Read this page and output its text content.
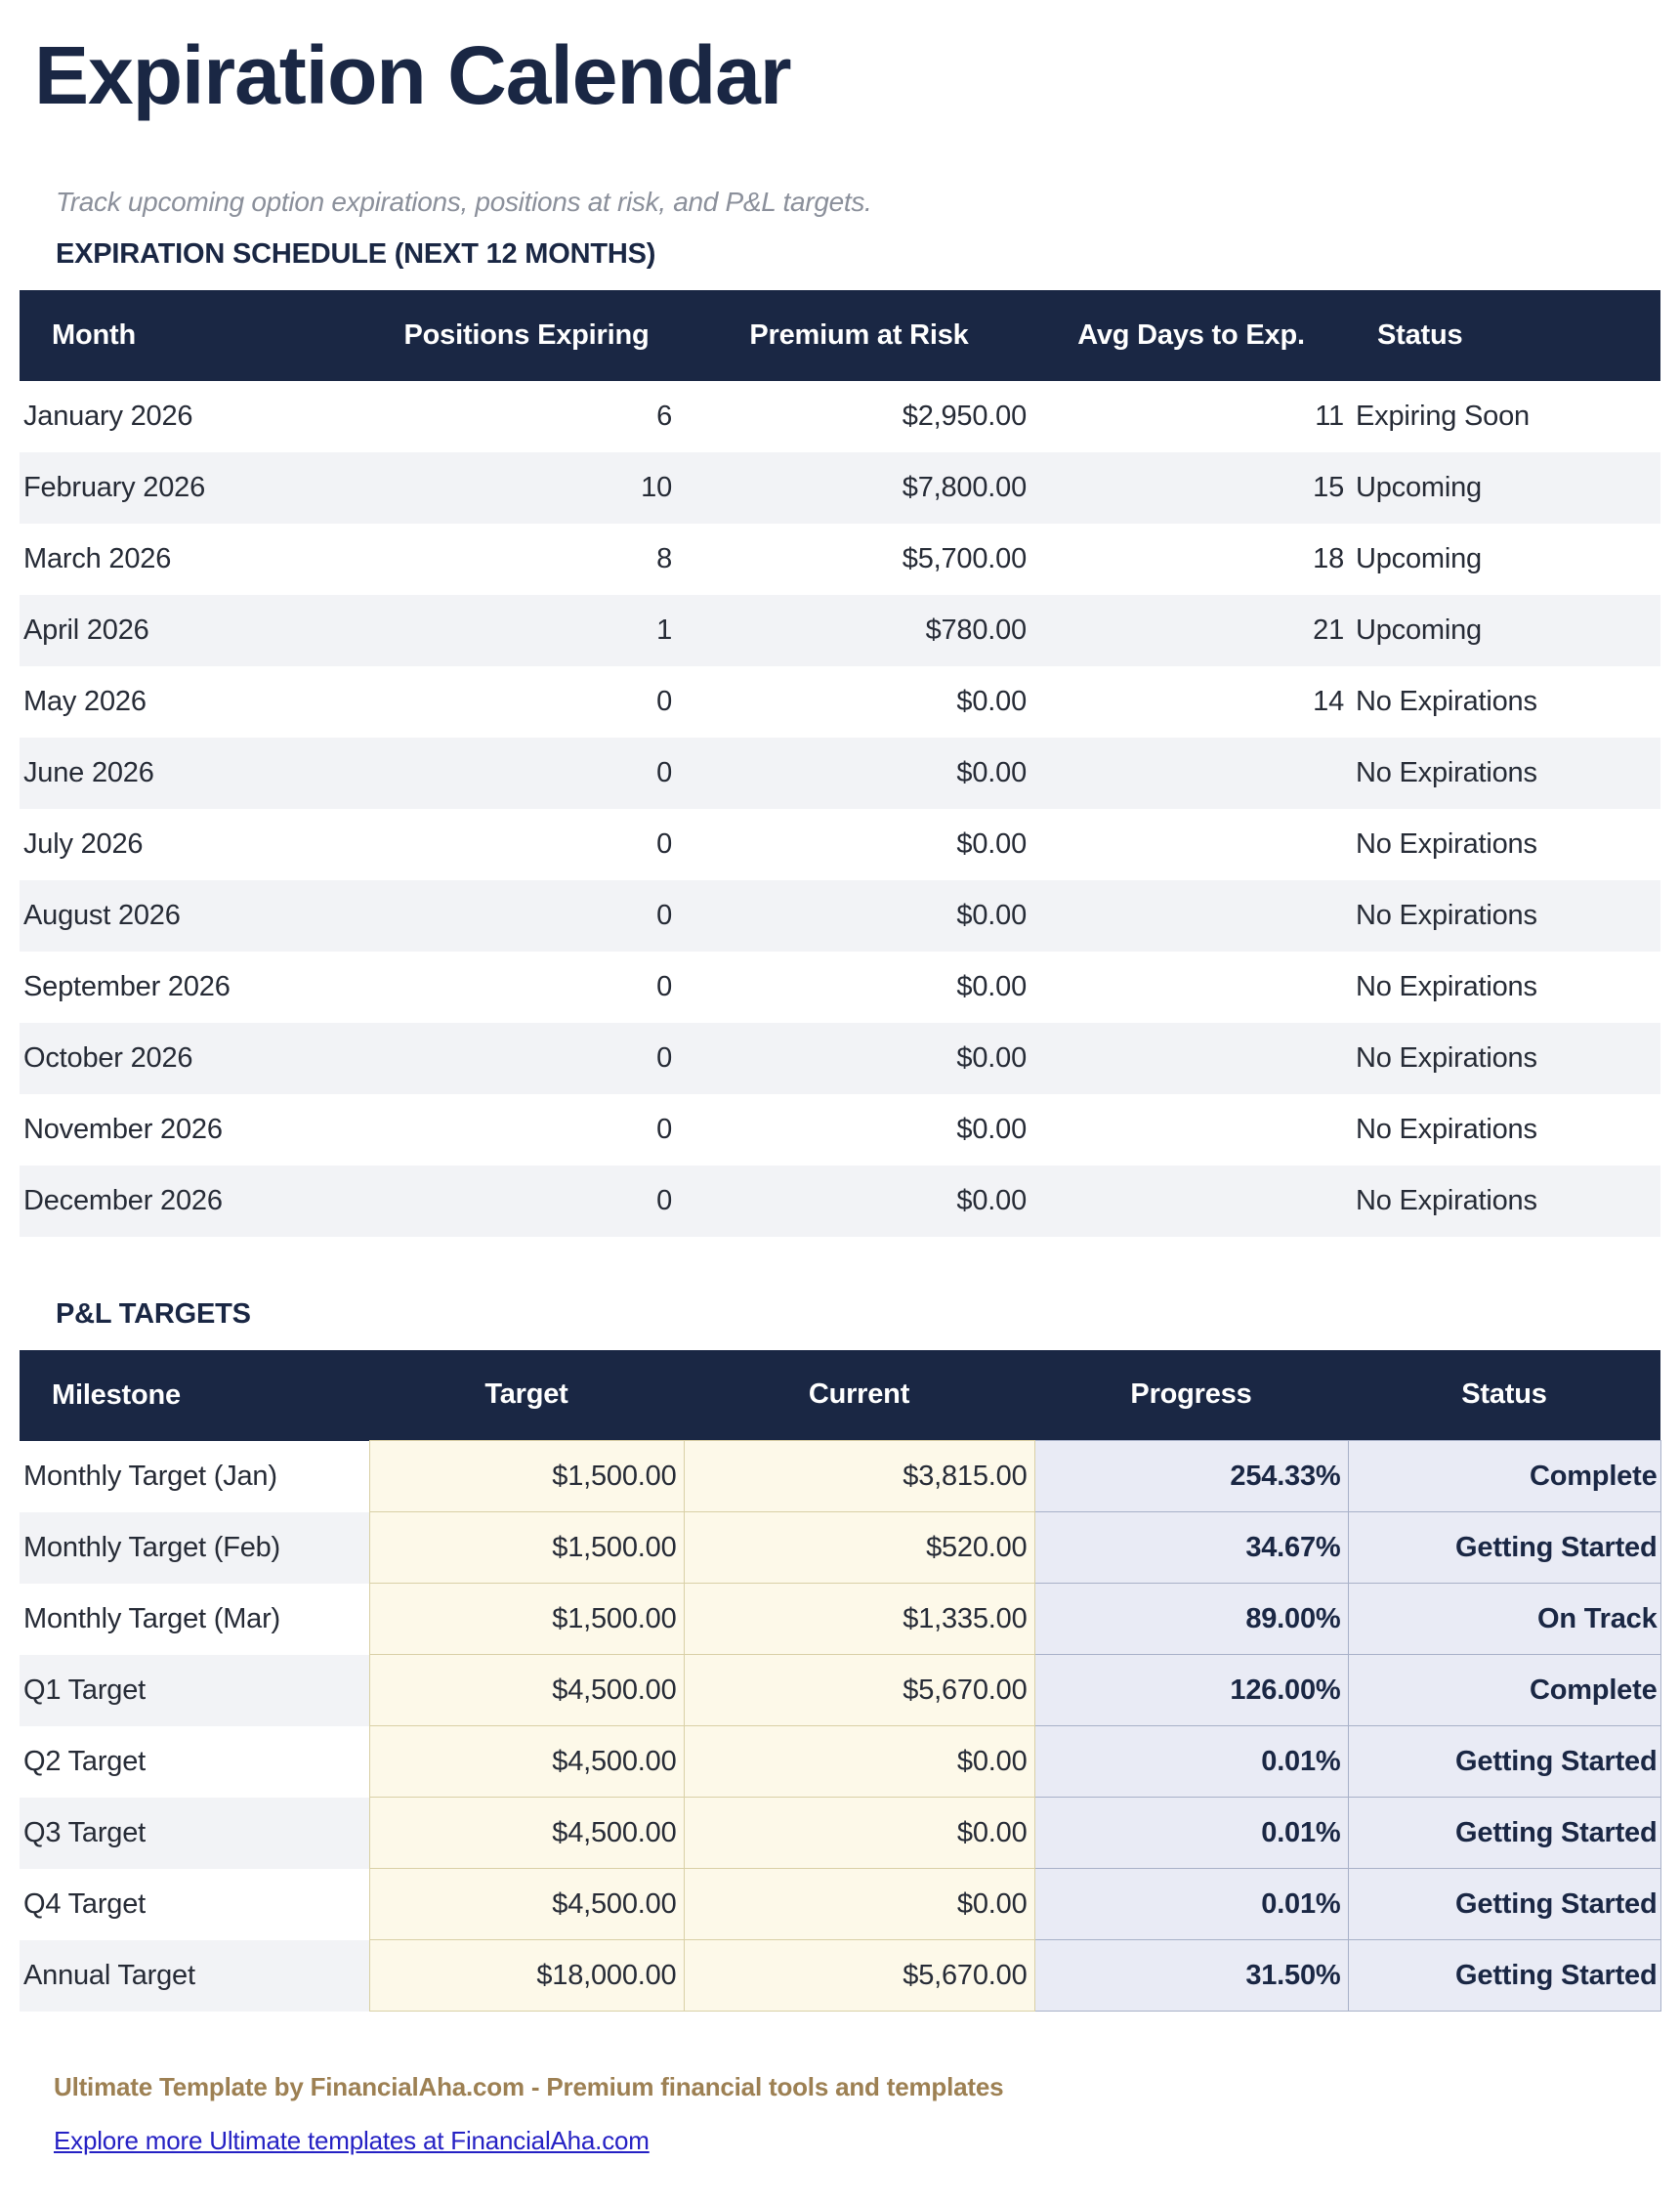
Expiration Calendar

Track upcoming option expirations, positions at risk, and P&L targets.

EXPIRATION SCHEDULE (NEXT 12 MONTHS)
Month	Positions Expiring	Premium at Risk	Avg Days to Exp.	Status
January 2026	6	$2,950.00	11	Expiring Soon
February 2026	10	$7,800.00	15	Upcoming
March 2026	8	$5,700.00	18	Upcoming
April 2026	1	$780.00	21	Upcoming
May 2026	0	$0.00	14	No Expirations
June 2026	0	$0.00		No Expirations
July 2026	0	$0.00		No Expirations
August 2026	0	$0.00		No Expirations
September 2026	0	$0.00		No Expirations
October 2026	0	$0.00		No Expirations
November 2026	0	$0.00		No Expirations
December 2026	0	$0.00		No Expirations
P&L TARGETS
Milestone	Target	Current	Progress	Status
Monthly Target (Jan)	$1,500.00	$3,815.00	254.33%	Complete
Monthly Target (Feb)	$1,500.00	$520.00	34.67%	Getting Started
Monthly Target (Mar)	$1,500.00	$1,335.00	89.00%	On Track
Q1 Target	$4,500.00	$5,670.00	126.00%	Complete
Q2 Target	$4,500.00	$0.00	0.01%	Getting Started
Q3 Target	$4,500.00	$0.00	0.01%	Getting Started
Q4 Target	$4,500.00	$0.00	0.01%	Getting Started
Annual Target	$18,000.00	$5,670.00	31.50%	Getting Started
Ultimate Template by FinancialAha.com - Premium financial tools and templates
Explore more Ultimate templates at FinancialAha.com
